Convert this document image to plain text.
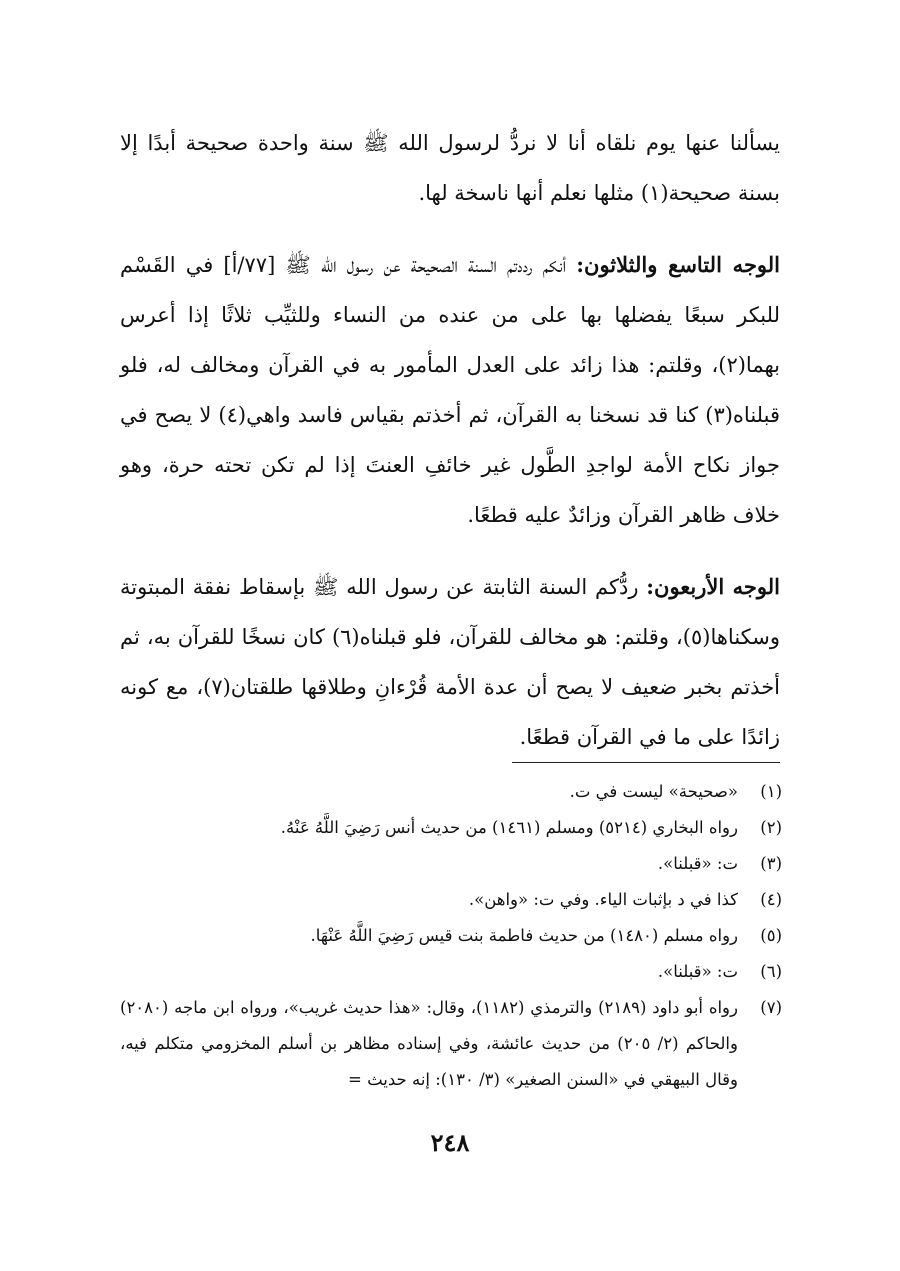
يسألنا عنها يوم نلقاه أنا لا نردُّ لرسول الله ﷺ سنة واحدة صحيحة أبدًا إلا بسنة صحيحة(١) مثلها نعلم أنها ناسخة لها.

الوجه التاسع والثلاثون: أنكم رددتم السنة الصحيحة عن رسول الله ﷺ [٧٧/أ] في القَسْم للبكر سبعًا يفضلها بها على من عنده من النساء وللثيِّب ثلاثًا إذا أعرس بهما(٢)، وقلتم: هذا زائد على العدل المأمور به في القرآن ومخالف له، فلو قبلناه(٣) كنا قد نسخنا به القرآن، ثم أخذتم بقياس فاسد واهي(٤) لا يصح في جواز نكاح الأمة لواجدِ الطَّول غير خائفِ العنتَ إذا لم تكن تحته حرة، وهو خلاف ظاهر القرآن وزائدٌ عليه قطعًا.

الوجه الأربعون: ردُّكم السنة الثابتة عن رسول الله ﷺ بإسقاط نفقة المبتوتة وسكناها(٥)، وقلتم: هو مخالف للقرآن، فلو قبلناه(٦) كان نسخًا للقرآن به، ثم أخذتم بخبر ضعيف لا يصح أن عدة الأمة قُرْءانِ وطلاقها طلقتان(٧)، مع كونه زائدًا على ما في القرآن قطعًا.

(١)
«صحيحة» ليست في ت.
(٢)
رواه البخاري (٥٢١٤) ومسلم (١٤٦١) من حديث أنس رَضِيَ اللَّهُ عَنْهُ.
(٣)
ت: «قبلنا».
(٤)
كذا في د بإثبات الياء. وفي ت: «واهن».
(٥)
رواه مسلم (١٤٨٠) من حديث فاطمة بنت قيس رَضِيَ اللَّهُ عَنْهَا.
(٦)
ت: «قبلنا».
(٧)
رواه أبو داود (٢١٨٩) والترمذي (١١٨٢)، وقال: «هذا حديث غريب»، ورواه ابن ماجه (٢٠٨٠) والحاكم (٢/ ٢٠٥) من حديث عائشة، وفي إسناده مظاهر بن أسلم المخزومي متكلم فيه، وقال البيهقي في «السنن الصغير» (٣/ ١٣٠): إنه حديث =
٢٤٨
